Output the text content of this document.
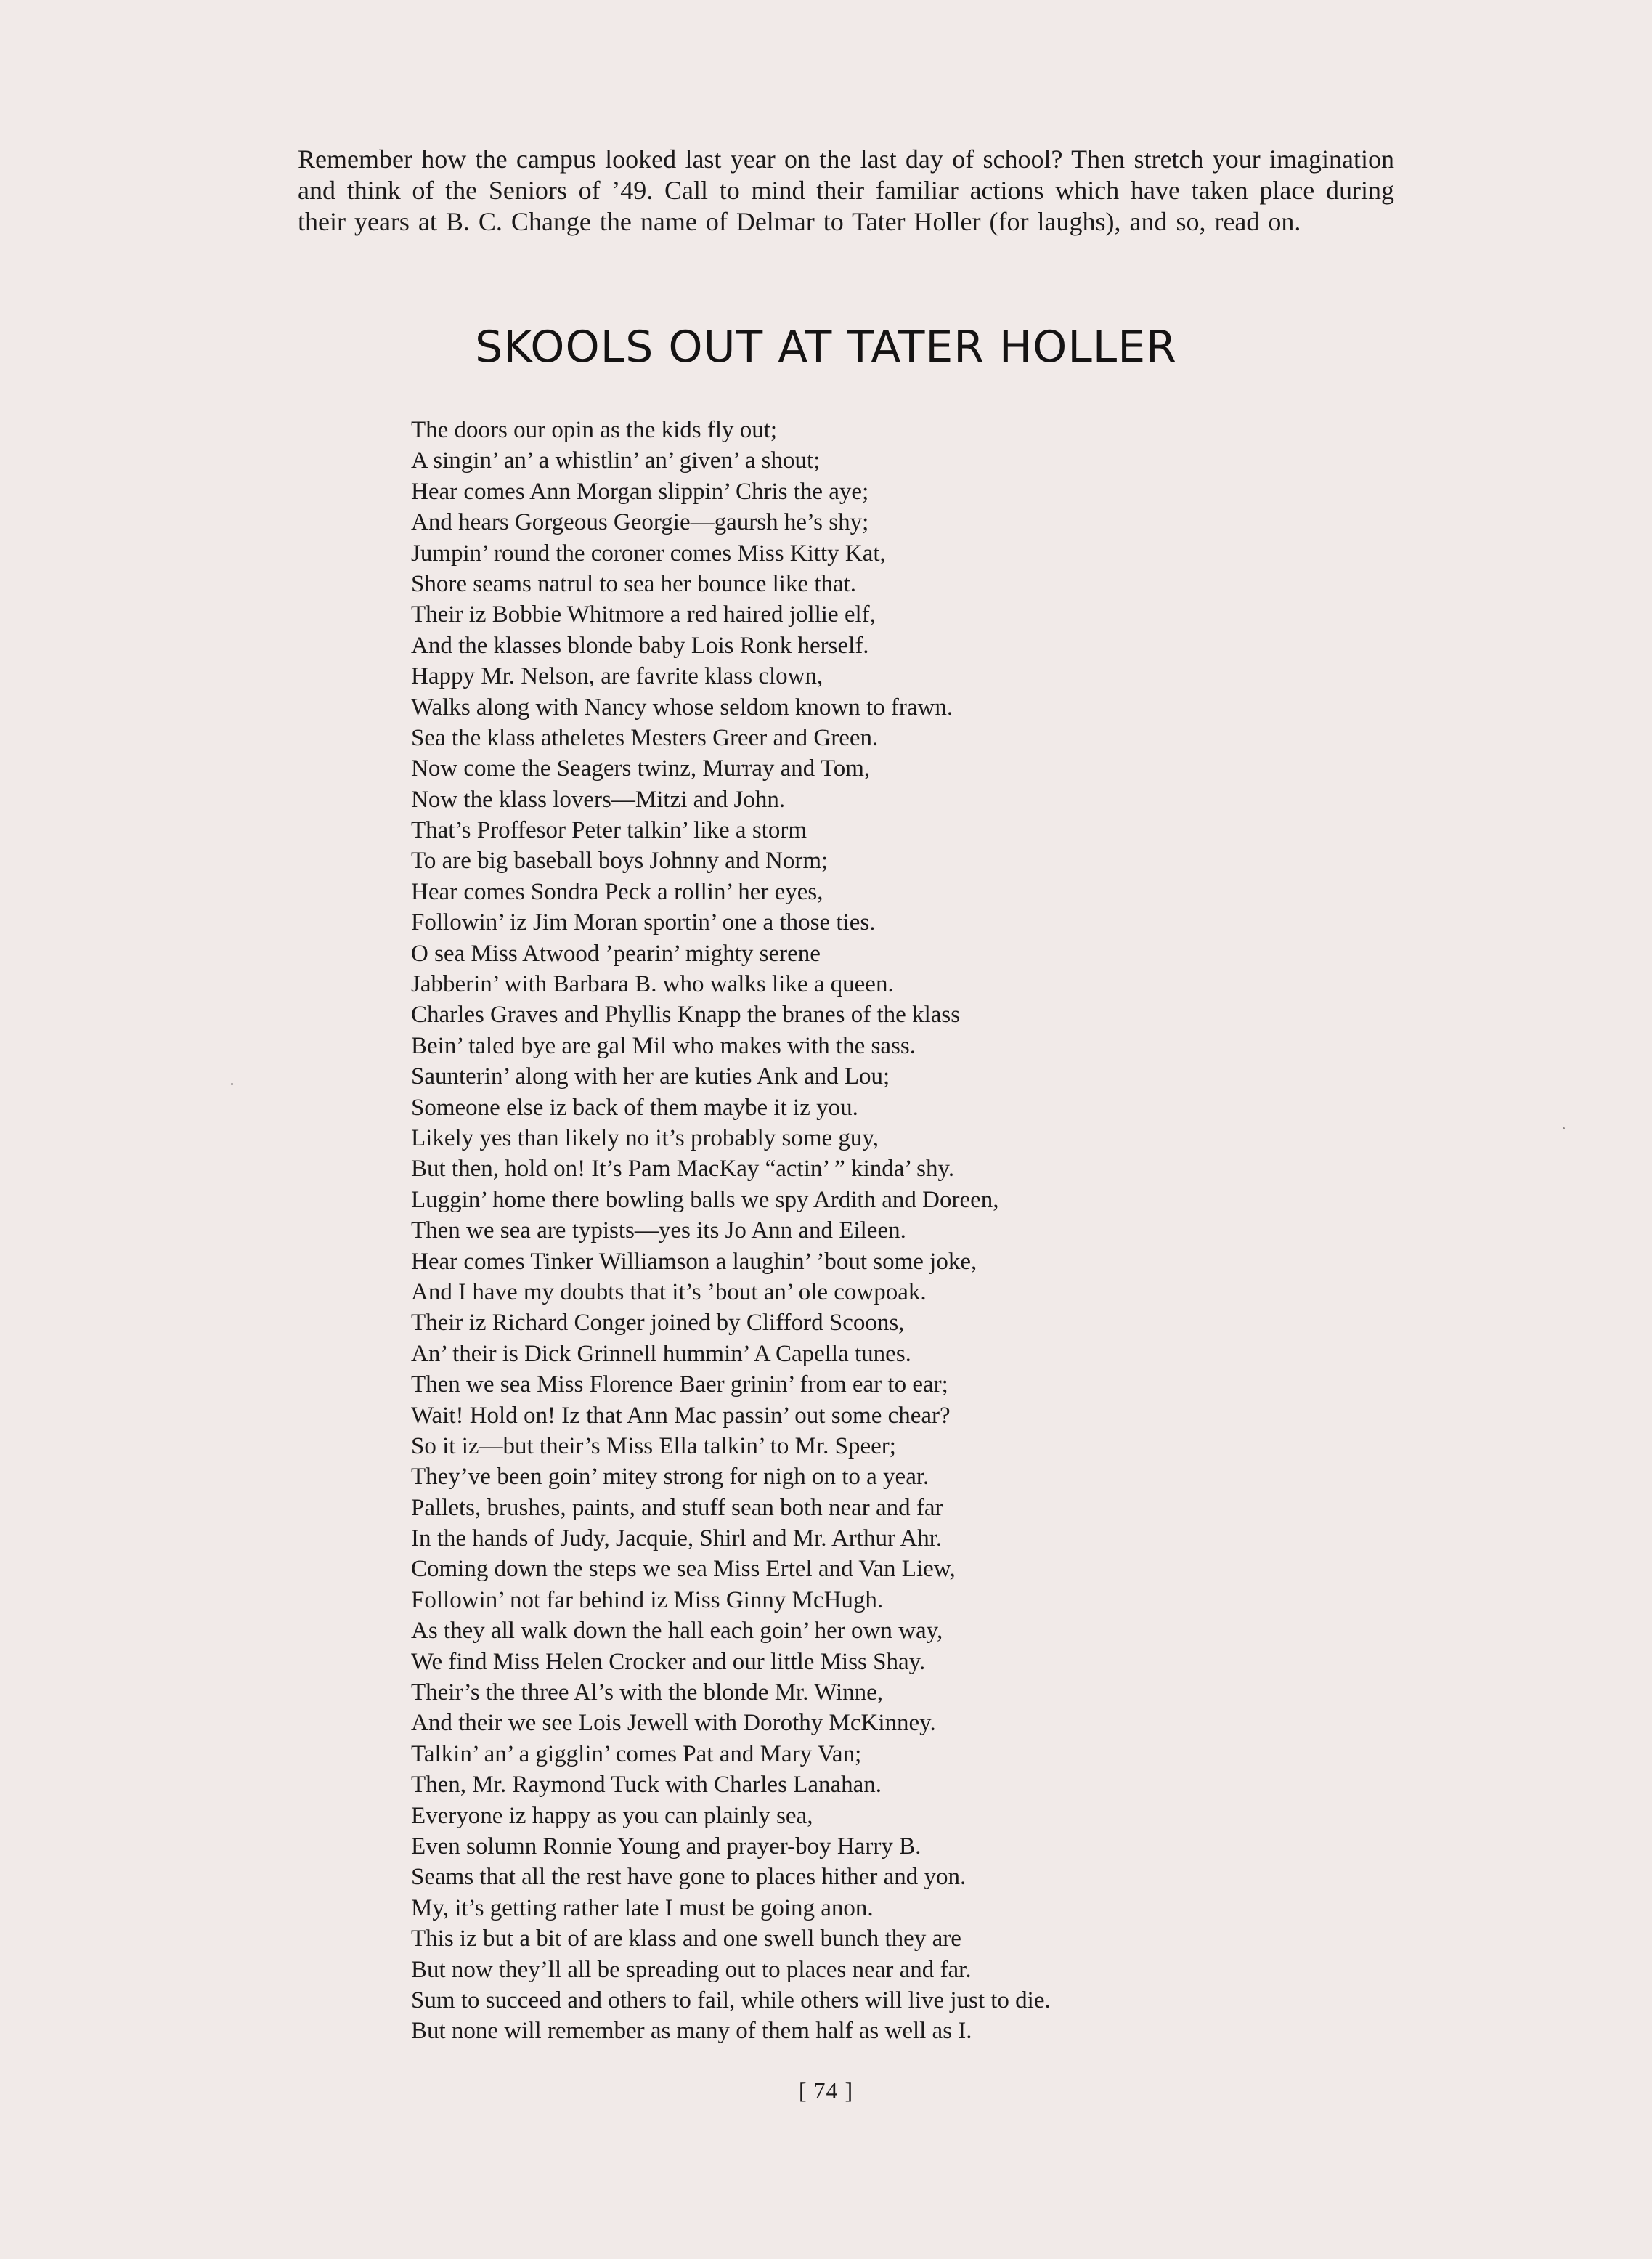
Remember how the campus looked last year on the last day of school? Then stretch your imagination and think of the Seniors of ’49. Call to mind their familiar actions which have taken place during their years at B. C. Change the name of Delmar to Tater Holler (for laughs), and so, read on.

SKOOLS OUT AT TATER HOLLER
The doors our opin as the kids fly out;
A singin’ an’ a whistlin’ an’ given’ a shout;
Hear comes Ann Morgan slippin’ Chris the aye;
And hears Gorgeous Georgie—gaursh he’s shy;
Jumpin’ round the coroner comes Miss Kitty Kat,
Shore seams natrul to sea her bounce like that.
Their iz Bobbie Whitmore a red haired jollie elf,
And the klasses blonde baby Lois Ronk herself.
Happy Mr. Nelson, are favrite klass clown,
Walks along with Nancy whose seldom known to frawn.
Sea the klass atheletes Mesters Greer and Green.
Now come the Seagers twinz, Murray and Tom,
Now the klass lovers—Mitzi and John.
That’s Proffesor Peter talkin’ like a storm
To are big baseball boys Johnny and Norm;
Hear comes Sondra Peck a rollin’ her eyes,
Followin’ iz Jim Moran sportin’ one a those ties.
O sea Miss Atwood ’pearin’ mighty serene
Jabberin’ with Barbara B. who walks like a queen.
Charles Graves and Phyllis Knapp the branes of the klass
Bein’ taled bye are gal Mil who makes with the sass.
Saunterin’ along with her are kuties Ank and Lou;
Someone else iz back of them maybe it iz you.
Likely yes than likely no it’s probably some guy,
But then, hold on! It’s Pam MacKay “actin’ ” kinda’ shy.
Luggin’ home there bowling balls we spy Ardith and Doreen,
Then we sea are typists—yes its Jo Ann and Eileen.
Hear comes Tinker Williamson a laughin’ ’bout some joke,
And I have my doubts that it’s ’bout an’ ole cowpoak.
Their iz Richard Conger joined by Clifford Scoons,
An’ their is Dick Grinnell hummin’ A Capella tunes.
Then we sea Miss Florence Baer grinin’ from ear to ear;
Wait! Hold on! Iz that Ann Mac passin’ out some chear?
So it iz—but their’s Miss Ella talkin’ to Mr. Speer;
They’ve been goin’ mitey strong for nigh on to a year.
Pallets, brushes, paints, and stuff sean both near and far
In the hands of Judy, Jacquie, Shirl and Mr. Arthur Ahr.
Coming down the steps we sea Miss Ertel and Van Liew,
Followin’ not far behind iz Miss Ginny McHugh.
As they all walk down the hall each goin’ her own way,
We find Miss Helen Crocker and our little Miss Shay.
Their’s the three Al’s with the blonde Mr. Winne,
And their we see Lois Jewell with Dorothy McKinney.
Talkin’ an’ a gigglin’ comes Pat and Mary Van;
Then, Mr. Raymond Tuck with Charles Lanahan.
Everyone iz happy as you can plainly sea,
Even solumn Ronnie Young and prayer-boy Harry B.
Seams that all the rest have gone to places hither and yon.
My, it’s getting rather late I must be going anon.
This iz but a bit of are klass and one swell bunch they are
But now they’ll all be spreading out to places near and far.
Sum to succeed and others to fail, while others will live just to die.
But none will remember as many of them half as well as I.
[ 74 ]
